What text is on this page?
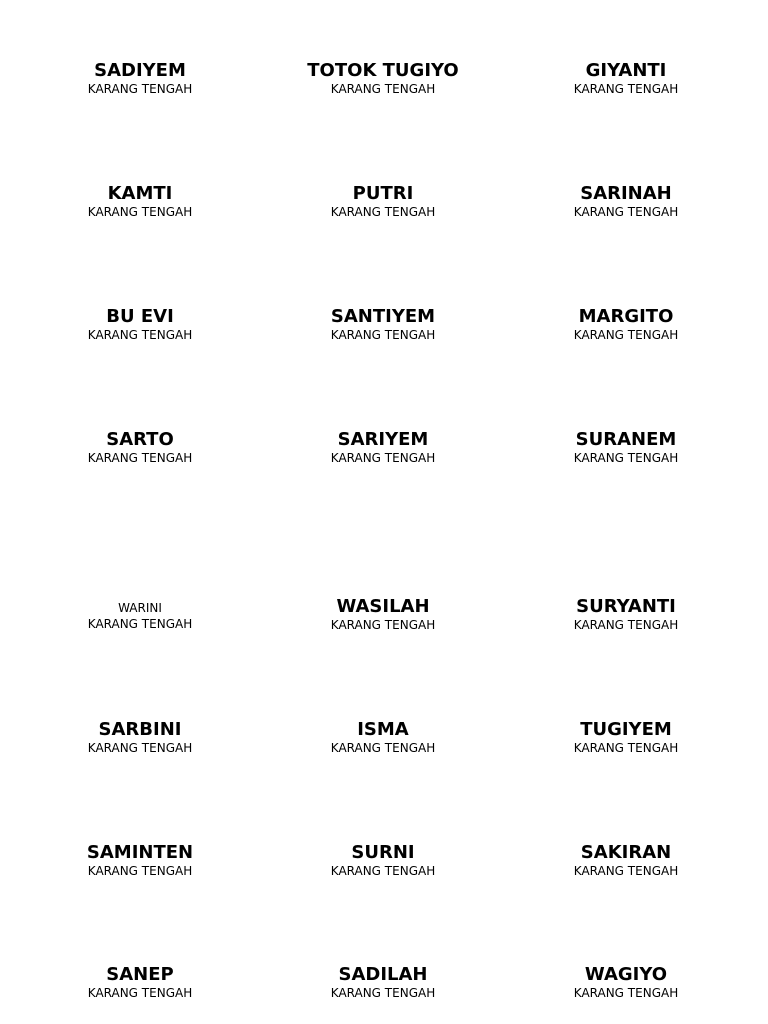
SADIYEM
KARANG TENGAH
TOTOK TUGIYO
KARANG TENGAH
GIYANTI
KARANG TENGAH
KAMTI
KARANG TENGAH
PUTRI
KARANG TENGAH
SARINAH
KARANG TENGAH
BU EVI
KARANG TENGAH
SANTIYEM
KARANG TENGAH
MARGITO
KARANG TENGAH
SARTO
KARANG TENGAH
SARIYEM
KARANG TENGAH
SURANEM
KARANG TENGAH
WARINI
KARANG TENGAH
WASILAH
KARANG TENGAH
SURYANTI
KARANG TENGAH
SARBINI
KARANG TENGAH
ISMA
KARANG TENGAH
TUGIYEM
KARANG TENGAH
SAMINTEN
KARANG TENGAH
SURNI
KARANG TENGAH
SAKIRAN
KARANG TENGAH
SANEP
KARANG TENGAH
SADILAH
KARANG TENGAH
WAGIYO
KARANG TENGAH
